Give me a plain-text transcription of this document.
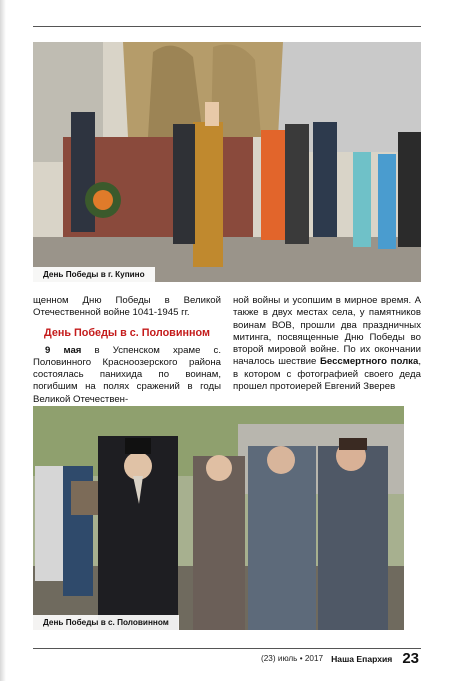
День Победы в г. Купино

щенном Дню Победы в Великой Отечественной войне 1041-1945 гг.

День Победы в с. Половинном

9 мая в Успенском храме с. Половинного Красноозерского района состоялась панихида по воинам, погибшим на полях сражений в годы Великой Отечествен-

ной войны и усопшим в мирное время. А также в двух местах села, у памятников воинам ВОВ, прошли два праздничных митинга, посвященные Дню Победы во второй мировой войне. По их окончании началось шествие Бессмертного полка, в котором с фотографией своего деда прошел протоиерей Евгений Зверев

День Победы в с. Половинном
(23) июль • 2017 Наша Епархия 23
